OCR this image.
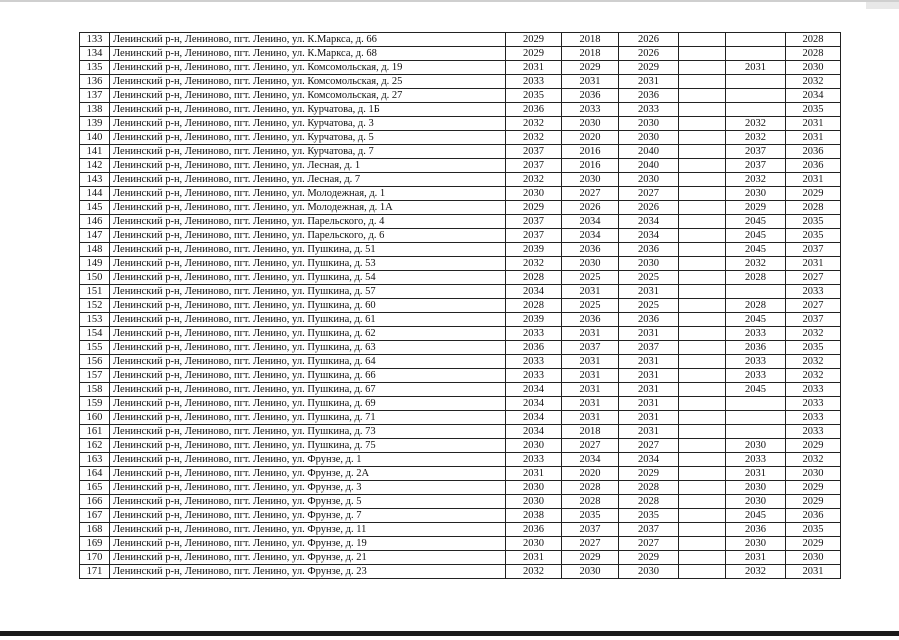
133	Ленинский р-н, Лениново, пгт. Ленино, ул. К.Маркса, д. 66	2029	2018	2026			2028
134	Ленинский р-н, Лениново, пгт. Ленино, ул. К.Маркса, д. 68	2029	2018	2026			2028
135	Ленинский р-н, Лениново, пгт. Ленино, ул. Комсомольская, д. 19	2031	2029	2029		2031	2030
136	Ленинский р-н, Лениново, пгт. Ленино, ул. Комсомольская, д. 25	2033	2031	2031			2032
137	Ленинский р-н, Лениново, пгт. Ленино, ул. Комсомольская, д. 27	2035	2036	2036			2034
138	Ленинский р-н, Лениново, пгт. Ленино, ул. Курчатова, д. 1Б	2036	2033	2033			2035
139	Ленинский р-н, Лениново, пгт. Ленино, ул. Курчатова, д. 3	2032	2030	2030		2032	2031
140	Ленинский р-н, Лениново, пгт. Ленино, ул. Курчатова, д. 5	2032	2020	2030		2032	2031
141	Ленинский р-н, Лениново, пгт. Ленино, ул. Курчатова, д. 7	2037	2016	2040		2037	2036
142	Ленинский р-н, Лениново, пгт. Ленино, ул. Лесная, д. 1	2037	2016	2040		2037	2036
143	Ленинский р-н, Лениново, пгт. Ленино, ул. Лесная, д. 7	2032	2030	2030		2032	2031
144	Ленинский р-н, Лениново, пгт. Ленино, ул. Молодежная, д. 1	2030	2027	2027		2030	2029
145	Ленинский р-н, Лениново, пгт. Ленино, ул. Молодежная, д. 1А	2029	2026	2026		2029	2028
146	Ленинский р-н, Лениново, пгт. Ленино, ул. Парельского, д. 4	2037	2034	2034		2045	2035
147	Ленинский р-н, Лениново, пгт. Ленино, ул. Парельского, д. 6	2037	2034	2034		2045	2035
148	Ленинский р-н, Лениново, пгт. Ленино, ул. Пушкина, д. 51	2039	2036	2036		2045	2037
149	Ленинский р-н, Лениново, пгт. Ленино, ул. Пушкина, д. 53	2032	2030	2030		2032	2031
150	Ленинский р-н, Лениново, пгт. Ленино, ул. Пушкина, д. 54	2028	2025	2025		2028	2027
151	Ленинский р-н, Лениново, пгт. Ленино, ул. Пушкина, д. 57	2034	2031	2031			2033
152	Ленинский р-н, Лениново, пгт. Ленино, ул. Пушкина, д. 60	2028	2025	2025		2028	2027
153	Ленинский р-н, Лениново, пгт. Ленино, ул. Пушкина, д. 61	2039	2036	2036		2045	2037
154	Ленинский р-н, Лениново, пгт. Ленино, ул. Пушкина, д. 62	2033	2031	2031		2033	2032
155	Ленинский р-н, Лениново, пгт. Ленино, ул. Пушкина, д. 63	2036	2037	2037		2036	2035
156	Ленинский р-н, Лениново, пгт. Ленино, ул. Пушкина, д. 64	2033	2031	2031		2033	2032
157	Ленинский р-н, Лениново, пгт. Ленино, ул. Пушкина, д. 66	2033	2031	2031		2033	2032
158	Ленинский р-н, Лениново, пгт. Ленино, ул. Пушкина, д. 67	2034	2031	2031		2045	2033
159	Ленинский р-н, Лениново, пгт. Ленино, ул. Пушкина, д. 69	2034	2031	2031			2033
160	Ленинский р-н, Лениново, пгт. Ленино, ул. Пушкина, д. 71	2034	2031	2031			2033
161	Ленинский р-н, Лениново, пгт. Ленино, ул. Пушкина, д. 73	2034	2018	2031			2033
162	Ленинский р-н, Лениново, пгт. Ленино, ул. Пушкина, д. 75	2030	2027	2027		2030	2029
163	Ленинский р-н, Лениново, пгт. Ленино, ул. Фрунзе, д. 1	2033	2034	2034		2033	2032
164	Ленинский р-н, Лениново, пгт. Ленино, ул. Фрунзе, д. 2А	2031	2020	2029		2031	2030
165	Ленинский р-н, Лениново, пгт. Ленино, ул. Фрунзе, д. 3	2030	2028	2028		2030	2029
166	Ленинский р-н, Лениново, пгт. Ленино, ул. Фрунзе, д. 5	2030	2028	2028		2030	2029
167	Ленинский р-н, Лениново, пгт. Ленино, ул. Фрунзе, д. 7	2038	2035	2035		2045	2036
168	Ленинский р-н, Лениново, пгт. Ленино, ул. Фрунзе, д. 11	2036	2037	2037		2036	2035
169	Ленинский р-н, Лениново, пгт. Ленино, ул. Фрунзе, д. 19	2030	2027	2027		2030	2029
170	Ленинский р-н, Лениново, пгт. Ленино, ул. Фрунзе, д. 21	2031	2029	2029		2031	2030
171	Ленинский р-н, Лениново, пгт. Ленино, ул. Фрунзе, д. 23	2032	2030	2030		2032	2031
